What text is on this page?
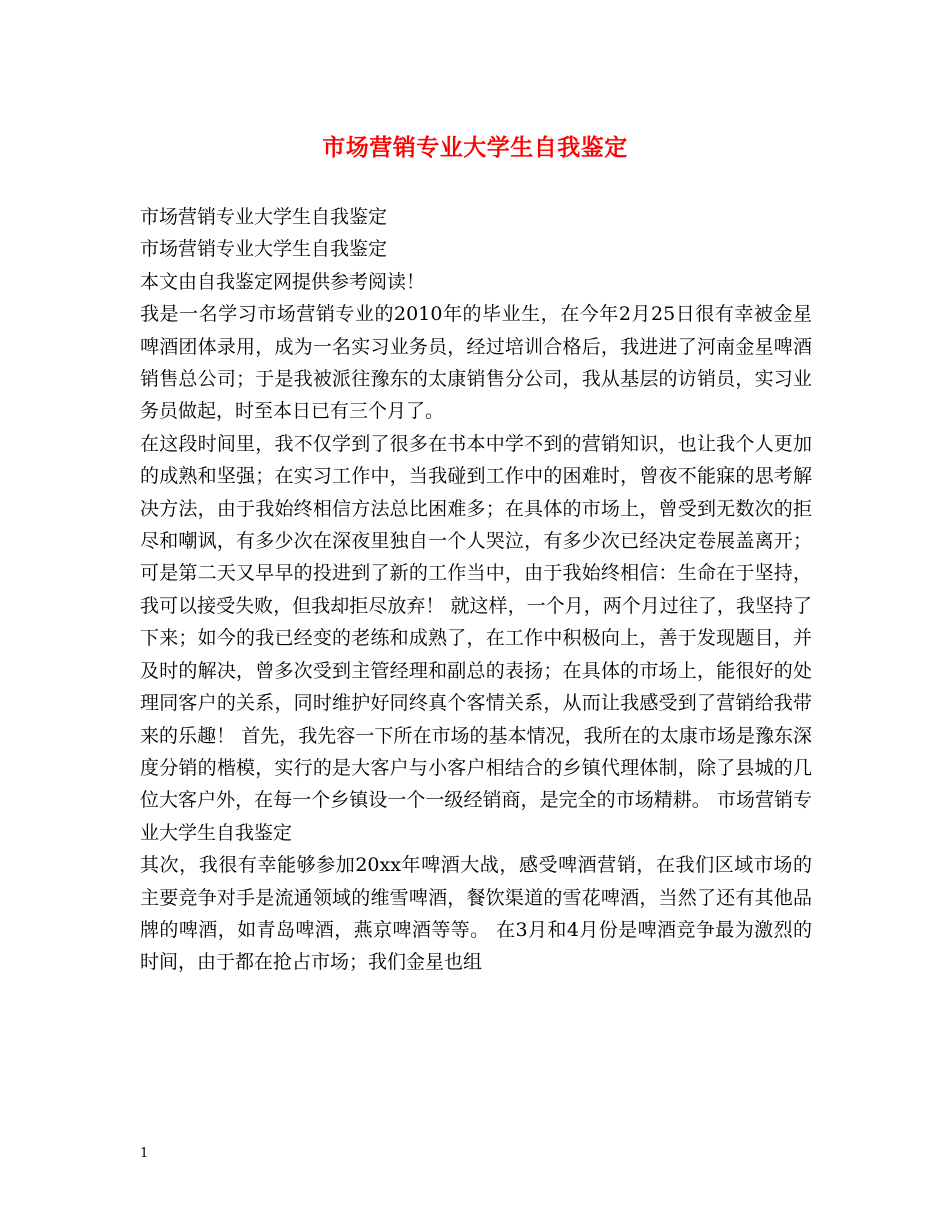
市场营销专业大学生自我鉴定

市场营销专业大学生自我鉴定

市场营销专业大学生自我鉴定

本文由自我鉴定网提供参考阅读！

我是一名学习市场营销专业的2010年的毕业生，在今年2月25日很有幸被金星啤酒团体录用，成为一名实习业务员，经过培训合格后，我进进了河南金星啤酒销售总公司；于是我被派往豫东的太康销售分公司，我从基层的访销员，实习业务员做起，时至本日已有三个月了。

在这段时间里，我不仅学到了很多在书本中学不到的营销知识，也让我个人更加的成熟和坚强；在实习工作中，当我碰到工作中的困难时，曾夜不能寐的思考解决方法，由于我始终相信方法总比困难多；在具体的市场上，曾受到无数次的拒尽和嘲讽，有多少次在深夜里独自一个人哭泣，有多少次已经决定卷展盖离开；可是第二天又早早的投进到了新的工作当中，由于我始终相信：生命在于坚持，我可以接受失败，但我却拒尽放弃！ 就这样，一个月，两个月过往了，我坚持了下来；如今的我已经变的老练和成熟了，在工作中积极向上，善于发现题目，并及时的解决，曾多次受到主管经理和副总的表扬；在具体的市场上，能很好的处理同客户的关系，同时维护好同终真个客情关系，从而让我感受到了营销给我带来的乐趣！ 首先，我先容一下所在市场的基本情况，我所在的太康市场是豫东深度分销的楷模，实行的是大客户与小客户相结合的乡镇代理体制，除了县城的几位大客户外，在每一个乡镇设一个一级经销商，是完全的市场精耕。 市场营销专业大学生自我鉴定

其次，我很有幸能够参加20xx年啤酒大战，感受啤酒营销，在我们区域市场的主要竞争对手是流通领域的维雪啤酒，餐饮渠道的雪花啤酒，当然了还有其他品牌的啤酒，如青岛啤酒，燕京啤酒等等。 在3月和4月份是啤酒竞争最为激烈的时间，由于都在抢占市场；我们金星也组

1
